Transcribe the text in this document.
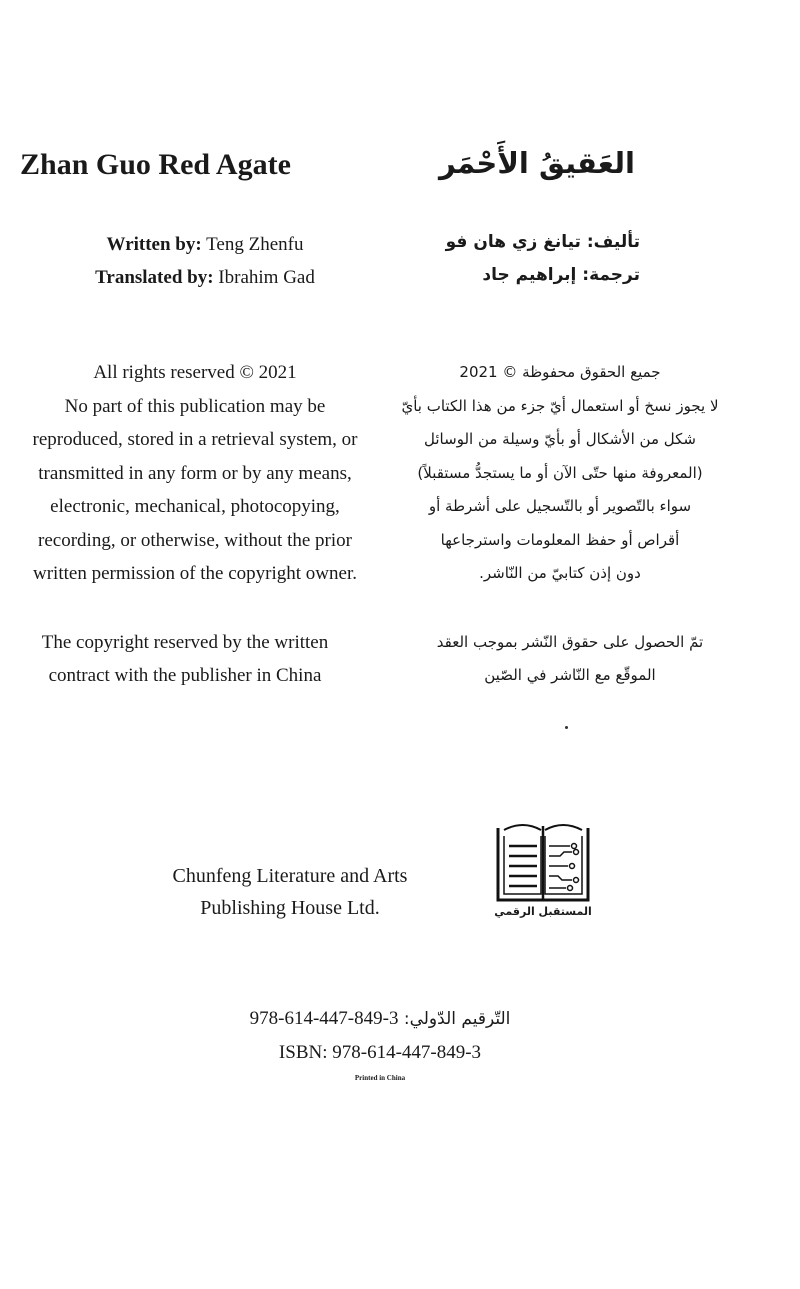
Zhan Guo Red Agate
Written by: Teng Zhenfu
Translated by: Ibrahim Gad
All rights reserved © 2021
No part of this publication may be
reproduced, stored in a retrieval system, or
transmitted in any form or by any means,
electronic, mechanical, photocopying,
recording, or otherwise, without the prior
written permission of the copyright owner.
The copyright reserved by the written
contract with the publisher in China
العَقيقُ الأَحْمَر
تأليف: تيانغ زي هان فو
ترجمة: إبراهيم جاد
جميع الحقوق محفوظة © 2021
لا يجوز نسخ أو استعمال أيّ جزء من هذا الكتاب بأيّ
شكل من الأشكال أو بأيّ وسيلة من الوسائل
(المعروفة منها حتّى الآن أو ما يستجدُّ مستقبلاً)
سواء بالتّصوير أو بالتّسجيل على أشرطة أو
أقراص أو حفظ المعلومات واسترجاعها
دون إذن كتابيّ من النّاشر.
تمّ الحصول على حقوق النّشر بموجب العقد
الموقّع مع النّاشر في الصّين
المستقبل الرقمي
Chunfeng Literature and Arts
Publishing House Ltd.
التّرقيم الدّولي: 978-614-447-849-3
ISBN: 978-614-447-849-3
Printed in China
